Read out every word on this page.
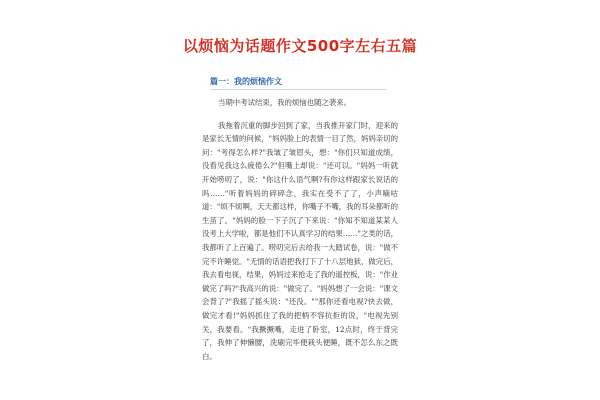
以烦恼为话题作文500字左右五篇
篇一：我的烦恼作文

当期中考试结束，我的烦恼也随之袭来。

我拖着沉重的脚步回到了家，当我推开家门时，迎来的是家长无情的问候，"妈妈脸上的表情一目了然，妈妈亲切的问："考得怎么样?"我皱了皱眉头，想："你们只知道成绩，没看见我这么疲倦么?"但嘴上却说："还可以。"妈妈一听就开始唠叨了，说："你这什么语气啊?有你这样跟家长说话的吗……"听着妈妈的碎碎念，我实在受不了了，小声嘀咕道："烦不烦啊，天天都这样，你嘴子不嘴，我的耳朵都听的生茧了。"妈妈的脸一下子沉了下来说："你知不知道某某人没考上大学啦，都是他们不认真学习的结果……"之类的话，我都听了上百遍了。唠叨完后去给我一大踏试卷，说："做不完不许睡觉。"无情的话语把我打下了十八层地狱，做完后，我去看电视，结果，妈妈过来抢走了我的遥控板，说："作业做完了吗?"我高兴的说："做完了。"妈妈想了一会说："课文会背了?"我摇了摇头说："还没。""那你还看电视?快去做，做完才看!"妈妈抓住了我的把柄不容抗拒的说，"电视先别关，我要看。"我撅撅嘴，走进了卧室，12点时，终于背完了，我伸了伸懒腰，洗刷完毕便栽头便睡，既不怎么东之既白。
